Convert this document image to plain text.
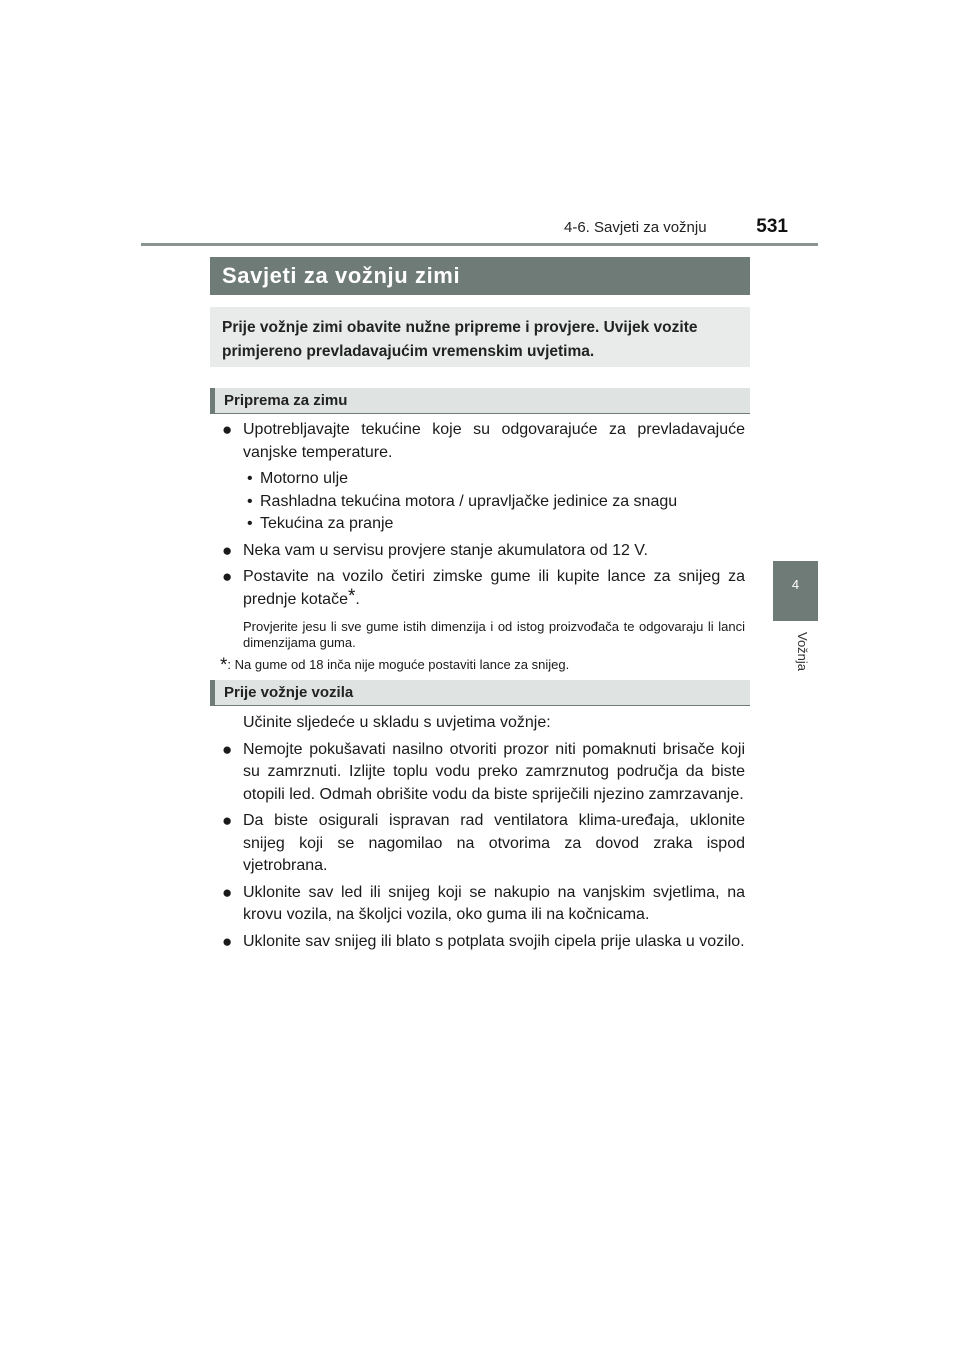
4-6. Savjeti za vožnju	531
4
Vožnja
Savjeti za vožnju zimi
Prije vožnje zimi obavite nužne pripreme i provjere. Uvijek vozite primjereno prevladavajućim vremenskim uvjetima.
Priprema za zimu
● Upotrebljavajte tekućine koje su odgovarajuće za prevladavajuće vanjske temperature.
• Motorno ulje
• Rashladna tekućina motora / upravljačke jedinice za snagu
• Tekućina za pranje
● Neka vam u servisu provjere stanje akumulatora od 12 V.
● Postavite na vozilo četiri zimske gume ili kupite lance za snijeg za prednje kotače*.
Provjerite jesu li sve gume istih dimenzija i od istog proizvođača te odgovaraju li lanci dimenzijama guma.
*: Na gume od 18 inča nije moguće postaviti lance za snijeg.
Prije vožnje vozila
Učinite sljedeće u skladu s uvjetima vožnje:
● Nemojte pokušavati nasilno otvoriti prozor niti pomaknuti brisače koji su zamrznuti. Izlijte toplu vodu preko zamrznutog područja da biste otopili led. Odmah obrišite vodu da biste spriječili njezino zamrzavanje.
● Da biste osigurali ispravan rad ventilatora klima-uređaja, uklonite snijeg koji se nagomilao na otvorima za dovod zraka ispod vjetrobrana.
● Uklonite sav led ili snijeg koji se nakupio na vanjskim svjetlima, na krovu vozila, na školjci vozila, oko guma ili na kočnicama.
● Uklonite sav snijeg ili blato s potplata svojih cipela prije ulaska u vozilo.
